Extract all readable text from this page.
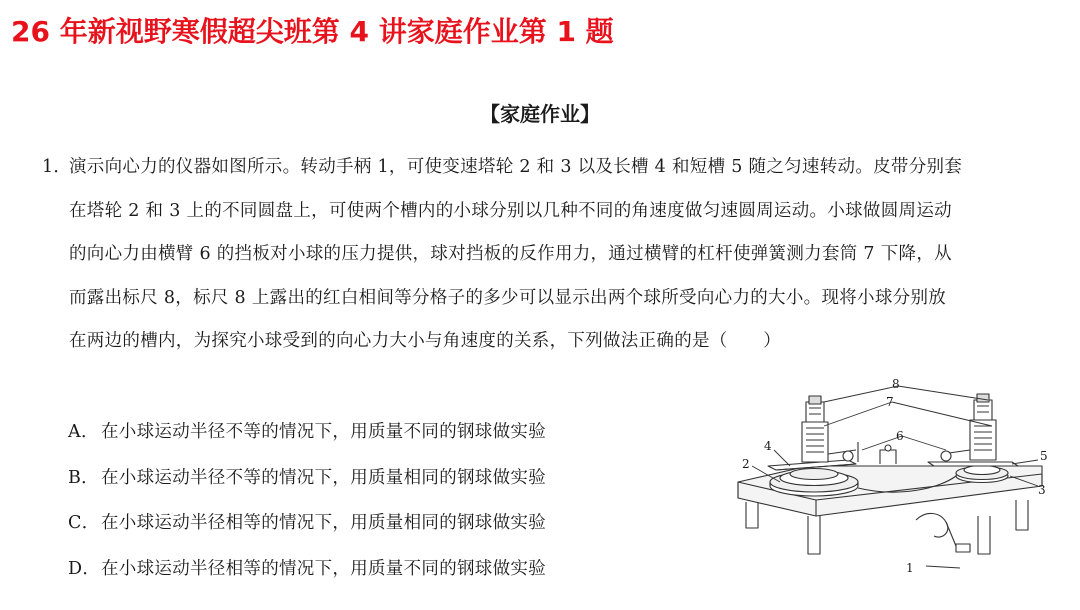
26 年新视野寒假超尖班第 4 讲家庭作业第 1 题
【家庭作业】
1．演示向心力的仪器如图所示。转动手柄 1，可使变速塔轮 2 和 3 以及长槽 4 和短槽 5 随之匀速转动。皮带分别套
在塔轮 2 和 3 上的不同圆盘上，可使两个槽内的小球分别以几种不同的角速度做匀速圆周运动。小球做圆周运动
的向心力由横臂 6 的挡板对小球的压力提供，球对挡板的反作用力，通过横臂的杠杆使弹簧测力套筒 7 下降，从
而露出标尺 8，标尺 8 上露出的红白相间等分格子的多少可以显示出两个球所受向心力的大小。现将小球分别放
在两边的槽内，为探究小球受到的向心力大小与角速度的关系，下列做法正确的是（　　）
A． 在小球运动半径不等的情况下，用质量不同的钢球做实验
B． 在小球运动半径不等的情况下，用质量相同的钢球做实验
C．在小球运动半径相等的情况下，用质量相同的钢球做实验
D．在小球运动半径相等的情况下，用质量不同的钢球做实验
8
7
6
4
2
5
3
1
